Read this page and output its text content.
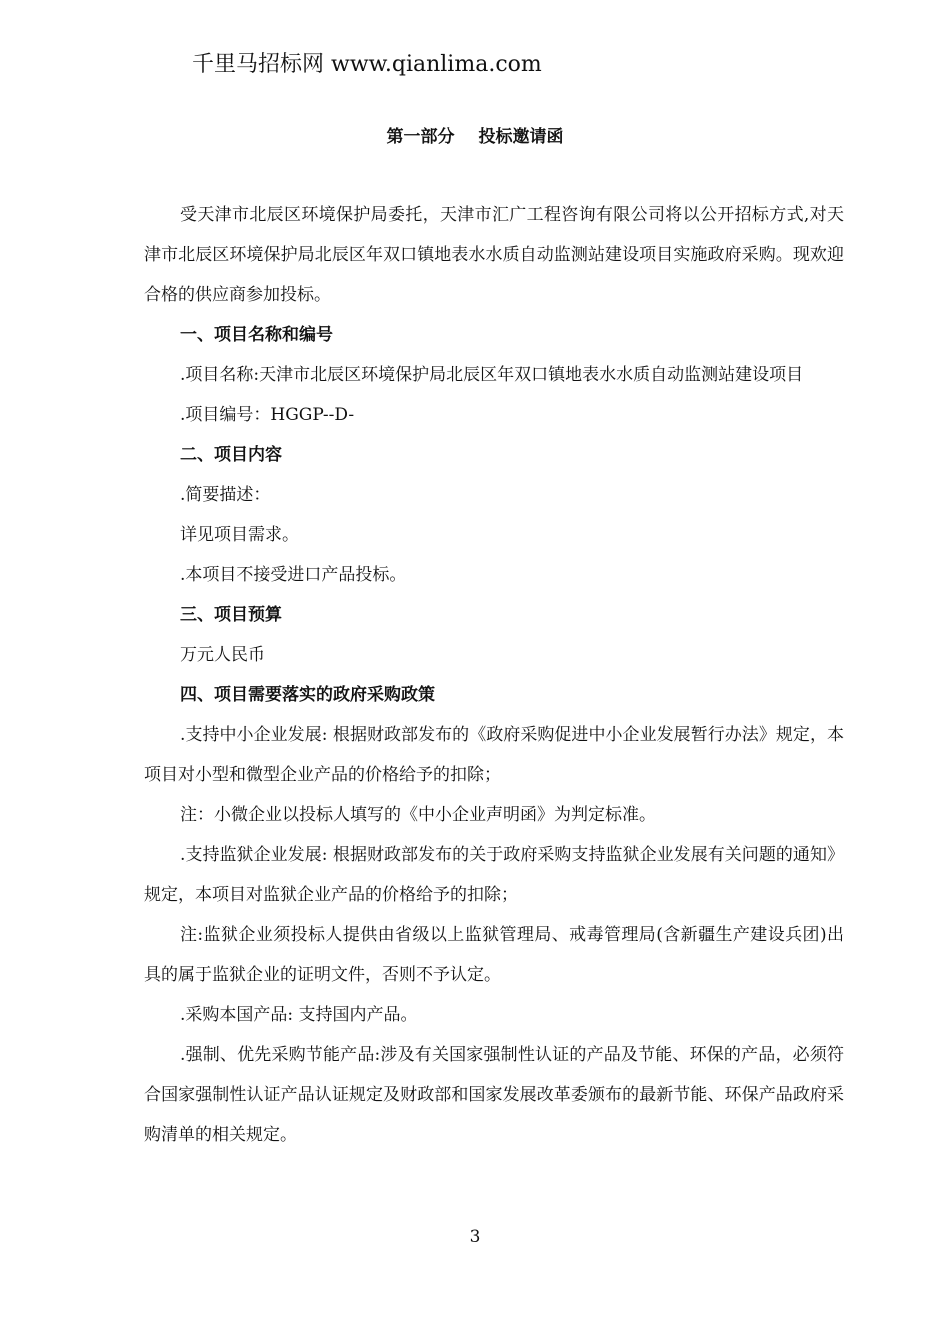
千里马招标网 www.qianlima.com
第一部分 投标邀请函

受天津市北辰区环境保护局委托，天津市汇广工程咨询有限公司将以公开招标方式,对天津市北辰区环境保护局北辰区年双口镇地表水水质自动监测站建设项目实施政府采购。现欢迎合格的供应商参加投标。

一、项目名称和编号

.项目名称:天津市北辰区环境保护局北辰区年双口镇地表水水质自动监测站建设项目

.项目编号：HGGP--D-

二、项目内容

.简要描述：

详见项目需求。

.本项目不接受进口产品投标。

三、项目预算

万元人民币

四、项目需要落实的政府采购政策

.支持中小企业发展: 根据财政部发布的《政府采购促进中小企业发展暂行办法》规定，本项目对小型和微型企业产品的价格给予的扣除；

注：小微企业以投标人填写的《中小企业声明函》为判定标准。

.支持监狱企业发展: 根据财政部发布的关于政府采购支持监狱企业发展有关问题的通知》规定，本项目对监狱企业产品的价格给予的扣除；

注:监狱企业须投标人提供由省级以上监狱管理局、戒毒管理局(含新疆生产建设兵团)出具的属于监狱企业的证明文件，否则不予认定。

.采购本国产品: 支持国内产品。

.强制、优先采购节能产品:涉及有关国家强制性认证的产品及节能、环保的产品，必须符合国家强制性认证产品认证规定及财政部和国家发展改革委颁布的最新节能、环保产品政府采购清单的相关规定。

3
